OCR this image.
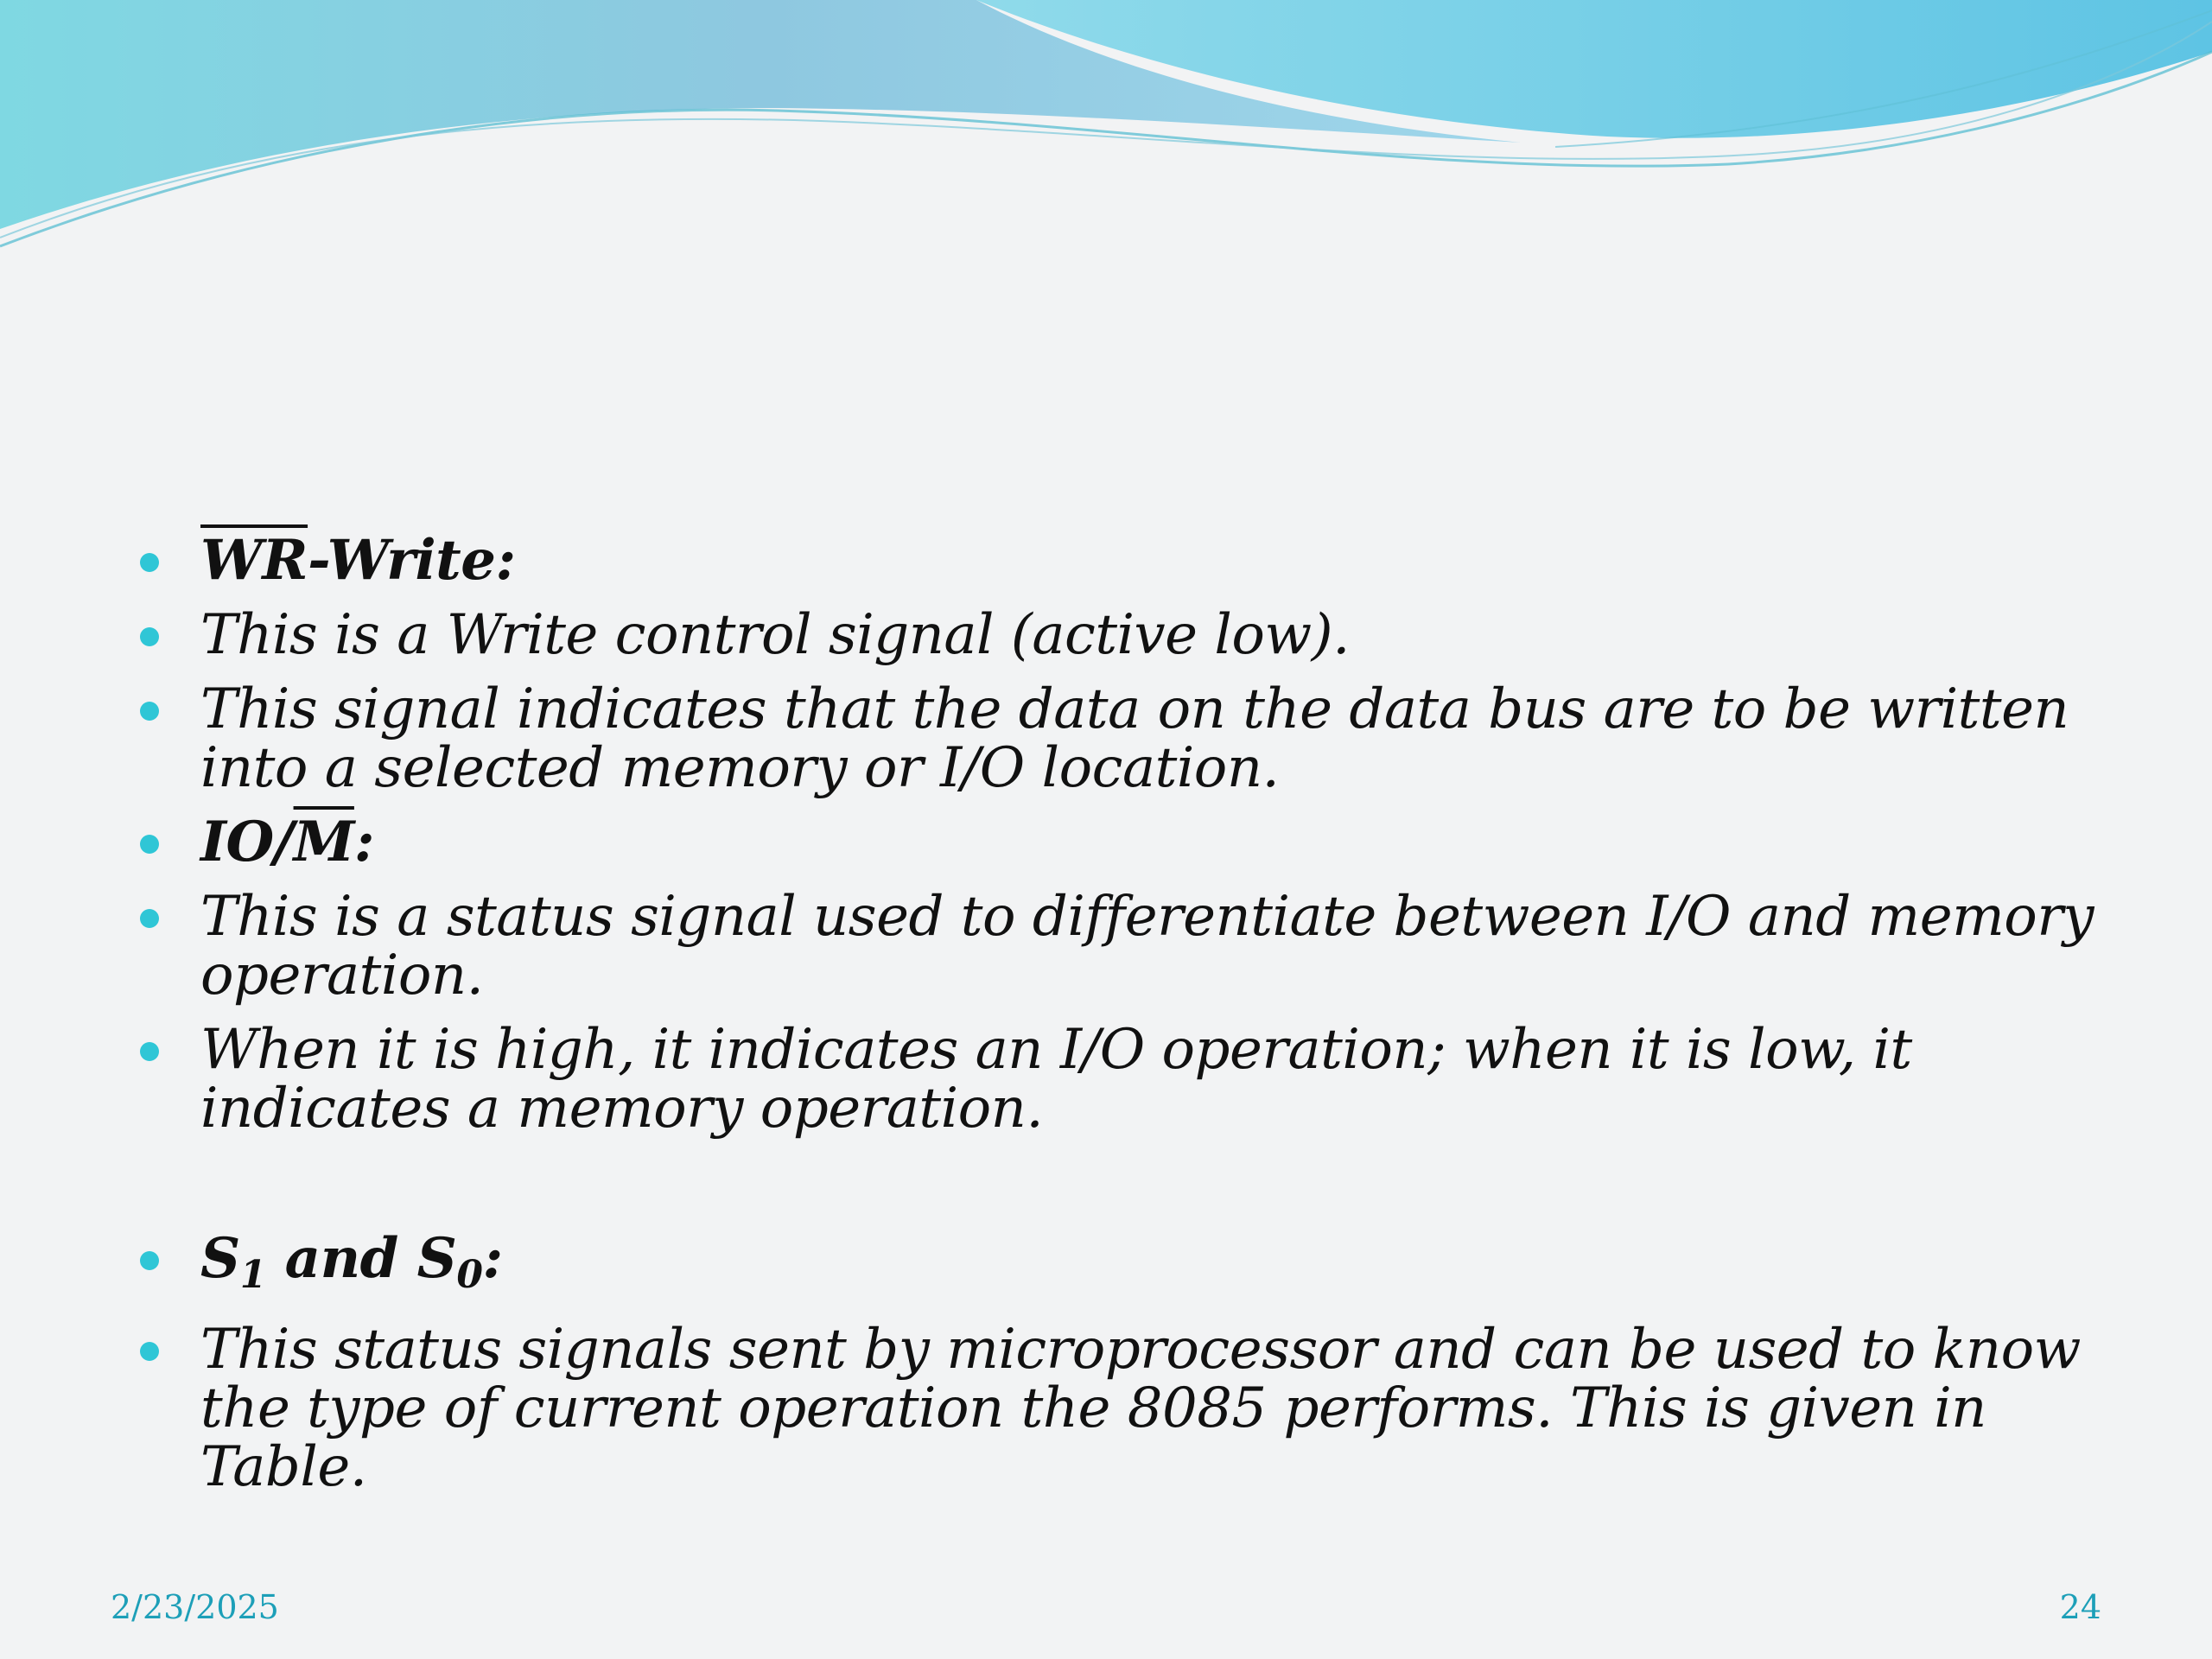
$\overline{WR}$-Write:
This is a Write control signal (active low).
This signal indicates that the data on the data bus are to be written into a selected memory or I/O location.
$IO/\overline{M}$:
This is a status signal used to differentiate between I/O and memory operation.
When it is high, it indicates an I/O operation; when it is low, it indicates a memory operation.
$S_1$ and $S_0$:
This status signals sent by microprocessor and can be used to know the type of current operation the 8085 performs. This is given in Table.
2/23/2025	24
